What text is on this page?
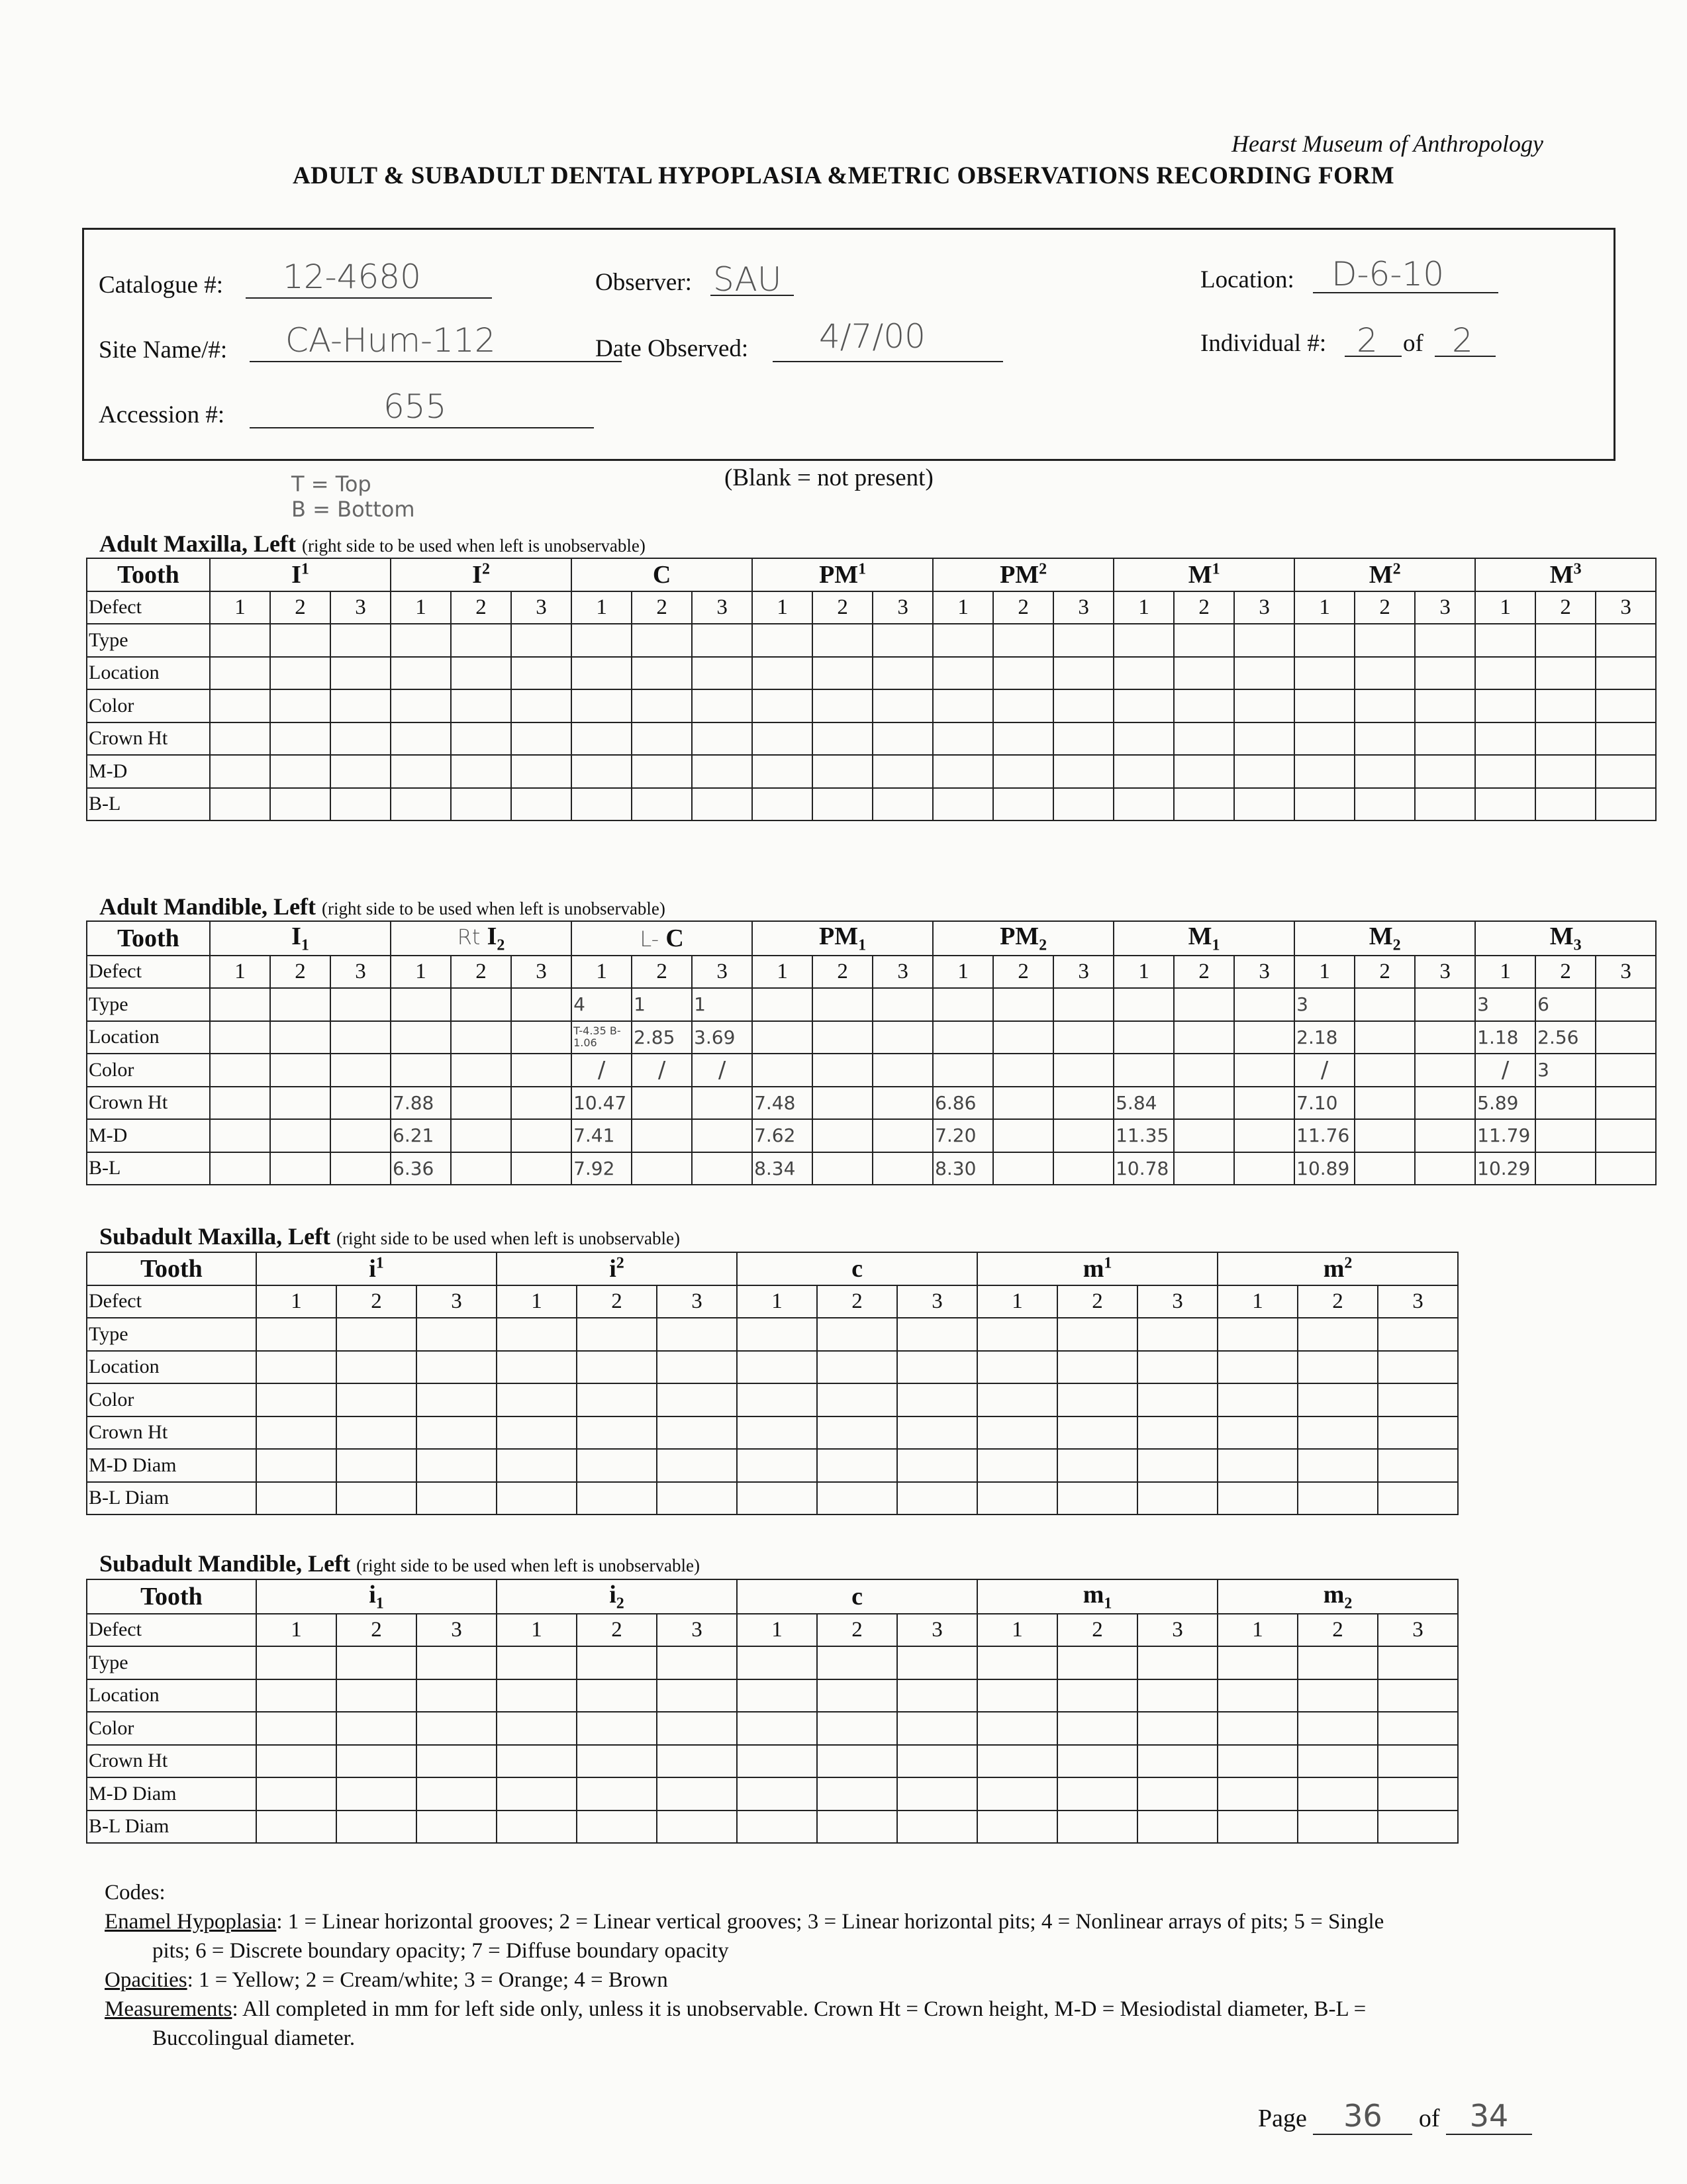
Hearst Museum of Anthropology
ADULT & SUBADULT DENTAL HYPOPLASIA &METRIC OBSERVATIONS RECORDING FORM
Catalogue #: 12-4680
Site Name/#: CA-Hum-112
Accession #:	655
Observer: SAU
Date Observed: 4/7/00
Location: D-6-10
Individual #: 2 of 2
T = Top
B = Bottom
(Blank = not present)
Adult Maxilla, Left (right side to be used when left is unobservable)
Adult Mandible, Left (right side to be used when left is unobservable)
Subadult Maxilla, Left (right side to be used when left is unobservable)
Subadult Mandible, Left (right side to be used when left is unobservable)
Tooth	$I^1$			$I^2$			C			$PM^1$			$PM^2$			$M^1$			$M^2$			$M^3$
Defect	1	2	3	1	2	3	1	2	3	1	2	3	1	2	3	1	2	3	1	2	3	1	2	3
Type																								
Location																								
Color																								
Crown Ht																								
M-D																								
B-L																								
Tooth	$I_1$			Rt $I_2$			L- C			$PM_1$			$PM_2$			$M_1$			$M_2$			$M_3$
Defect	1	2	3	1	2	3	1	2	3	1	2	3	1	2	3	1	2	3	1	2	3	1	2	3
Type							4	1	1										3			3	6	
Location							T-4.35 B-1.06	2.85	3.69										2.18			1.18	2.56	
Color							/	/	/										/			/	3	
Crown Ht				7.88			10.47			7.48			6.86			5.84			7.10			5.89		
M-D				6.21			7.41			7.62			7.20			11.35			11.76			11.79		
B-L				6.36			7.92			8.34			8.30			10.78			10.89			10.29		
Tooth	$i^1$			$i^2$			c			$m^1$			$m^2$
Defect	1	2	3	1	2	3	1	2	3	1	2	3	1	2	3
Type															
Location															
Color															
Crown Ht															
M-D Diam															
B-L Diam															
Tooth	$i_1$			$i_2$			c			$m_1$			$m_2$
Defect	1	2	3	1	2	3	1	2	3	1	2	3	1	2	3
Type															
Location															
Color															
Crown Ht															
M-D Diam															
B-L Diam															
Codes:
Enamel Hypoplasia: 1 = Linear horizontal grooves; 2 = Linear vertical grooves; 3 = Linear horizontal pits; 4 = Nonlinear arrays of pits; 5 = Single
pits; 6 = Discrete boundary opacity; 7 = Diffuse boundary opacity
Opacities: 1 = Yellow; 2 = Cream/white; 3 = Orange; 4 = Brown
Measurements: All completed in mm for left side only, unless it is unobservable. Crown Ht = Crown height, M-D = Mesiodistal diameter, B-L =
Buccolingual diameter.
Page 36 of 34
